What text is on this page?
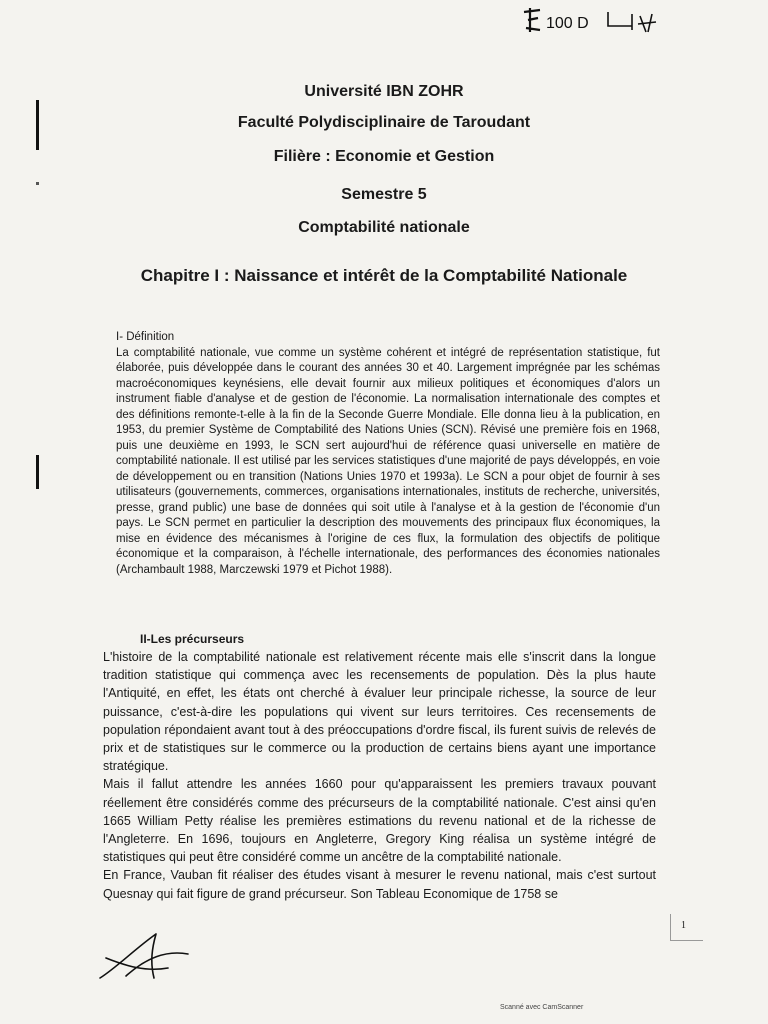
100 D
Université IBN ZOHR
Faculté Polydisciplinaire de Taroudant
Filière : Economie et Gestion
Semestre 5
Comptabilité nationale
Chapitre I : Naissance et intérêt de la Comptabilité Nationale
I- Définition

La comptabilité nationale, vue comme un système cohérent et intégré de représentation statistique, fut élaborée, puis développée dans le courant des années 30 et 40. Largement imprégnée par les schémas macroéconomiques keynésiens, elle devait fournir aux milieux politiques et économiques d'alors un instrument fiable d'analyse et de gestion de l'économie. La normalisation internationale des comptes et des définitions remonte-t-elle à la fin de la Seconde Guerre Mondiale. Elle donna lieu à la publication, en 1953, du premier Système de Comptabilité des Nations Unies (SCN). Révisé une première fois en 1968, puis une deuxième en 1993, le SCN sert aujourd'hui de référence quasi universelle en matière de comptabilité nationale. Il est utilisé par les services statistiques d'une majorité de pays développés, en voie de développement ou en transition (Nations Unies 1970 et 1993a). Le SCN a pour objet de fournir à ses utilisateurs (gouvernements, commerces, organisations internationales, instituts de recherche, universités, presse, grand public) une base de données qui soit utile à l'analyse et à la gestion de l'économie d'un pays. Le SCN permet en particulier la description des mouvements des principaux flux économiques, la mise en évidence des mécanismes à l'origine de ces flux, la formulation des objectifs de politique économique et la comparaison, à l'échelle internationale, des performances des économies nationales (Archambault 1988, Marczewski 1979 et Pichot 1988).

II-Les précurseurs

L'histoire de la comptabilité nationale est relativement récente mais elle s'inscrit dans la longue tradition statistique qui commença avec les recensements de population. Dès la plus haute l'Antiquité, en effet, les états ont cherché à évaluer leur principale richesse, la source de leur puissance, c'est-à-dire les populations qui vivent sur leurs territoires. Ces recensements de population répondaient avant tout à des préoccupations d'ordre fiscal, ils furent suivis de relevés de prix et de statistiques sur le commerce ou la production de certains biens ayant une importance stratégique.

Mais il fallut attendre les années 1660 pour qu'apparaissent les premiers travaux pouvant réellement être considérés comme des précurseurs de la comptabilité nationale. C'est ainsi qu'en 1665 William Petty réalise les premières estimations du revenu national et de la richesse de l'Angleterre. En 1696, toujours en Angleterre, Gregory King réalisa un système intégré de statistiques qui peut être considéré comme un ancêtre de la comptabilité nationale.

En France, Vauban fit réaliser des études visant à mesurer le revenu national, mais c'est surtout Quesnay qui fait figure de grand précurseur. Son Tableau Economique de 1758 se

1
Scanné avec CamScanner
